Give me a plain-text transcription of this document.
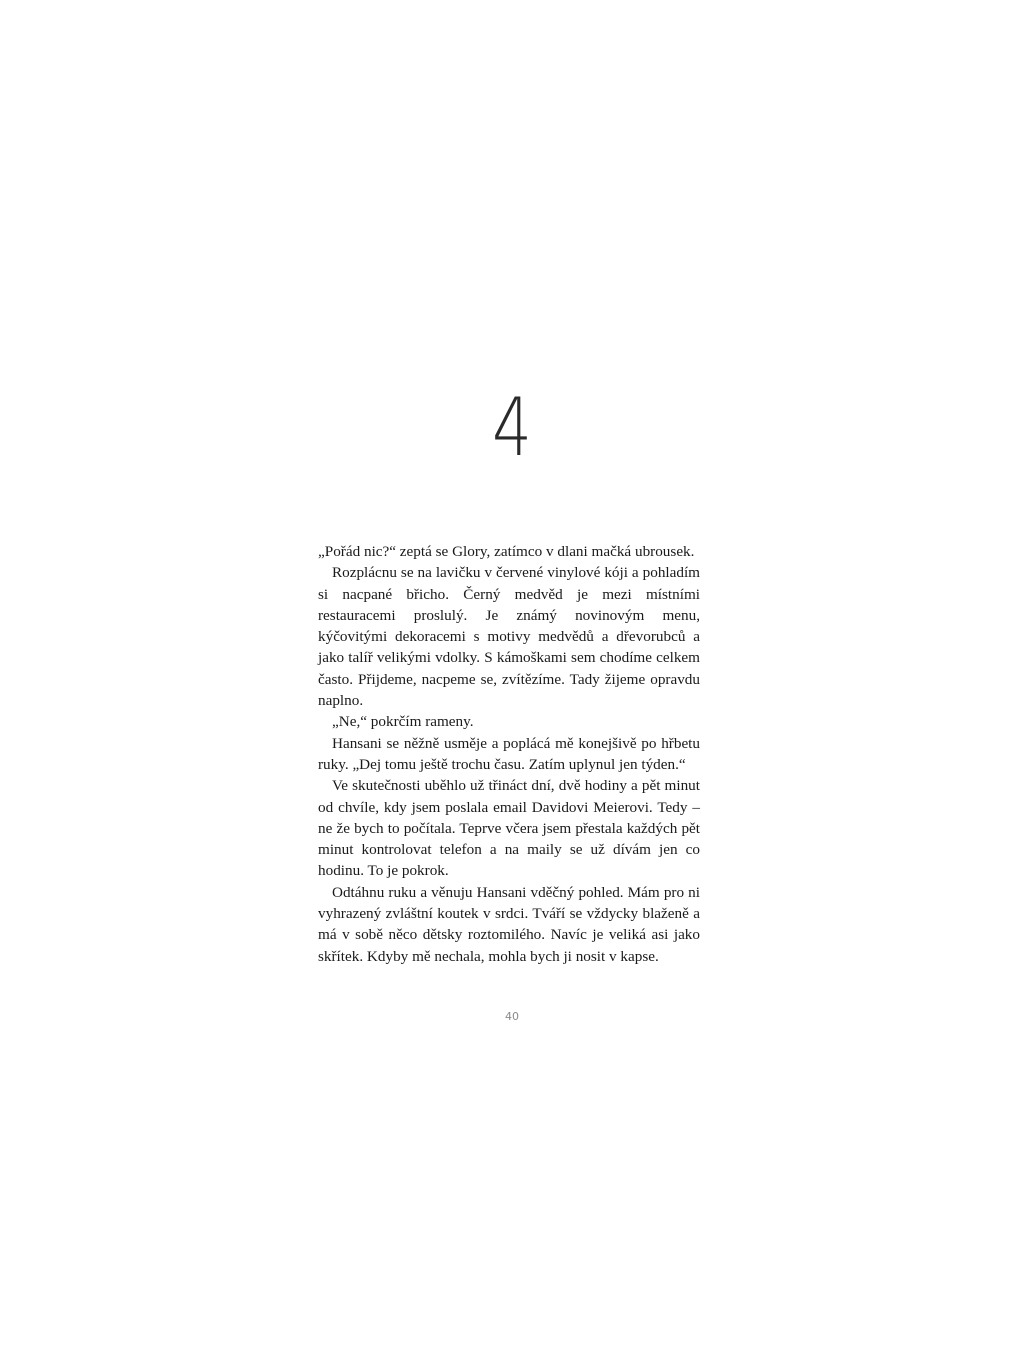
4

„Pořád nic?“ zeptá se Glory, zatímco v dlani mačká ubrousek.

Rozplácnu se na lavičku v červené vinylové kóji a pohladím si nacpané břicho. Černý medvěd je mezi místními restauracemi proslulý. Je známý novinovým menu, kýčovitými dekoracemi s motivy medvědů a dřevorubců a jako talíř velikými vdolky. S kámoškami sem chodíme celkem často. Přijdeme, nacpeme se, zvítězíme. Tady žijeme opravdu naplno.

„Ne,“ pokrčím rameny.

Hansani se něžně usměje a poplácá mě konejšivě po hřbetu ruky. „Dej tomu ještě trochu času. Zatím uplynul jen týden.“

Ve skutečnosti uběhlo už třináct dní, dvě hodiny a pět minut od chvíle, kdy jsem poslala email Davidovi Meierovi. Tedy – ne že bych to počítala. Teprve včera jsem přestala každých pět minut kontrolovat telefon a na maily se už dívám jen co hodinu. To je pokrok.

Odtáhnu ruku a věnuju Hansani vděčný pohled. Mám pro ni vyhrazený zvláštní koutek v srdci. Tváří se vždycky blaženě a má v sobě něco dětsky roztomilého. Navíc je veliká asi jako skřítek. Kdyby mě nechala, mohla bych ji nosit v kapse.

40
